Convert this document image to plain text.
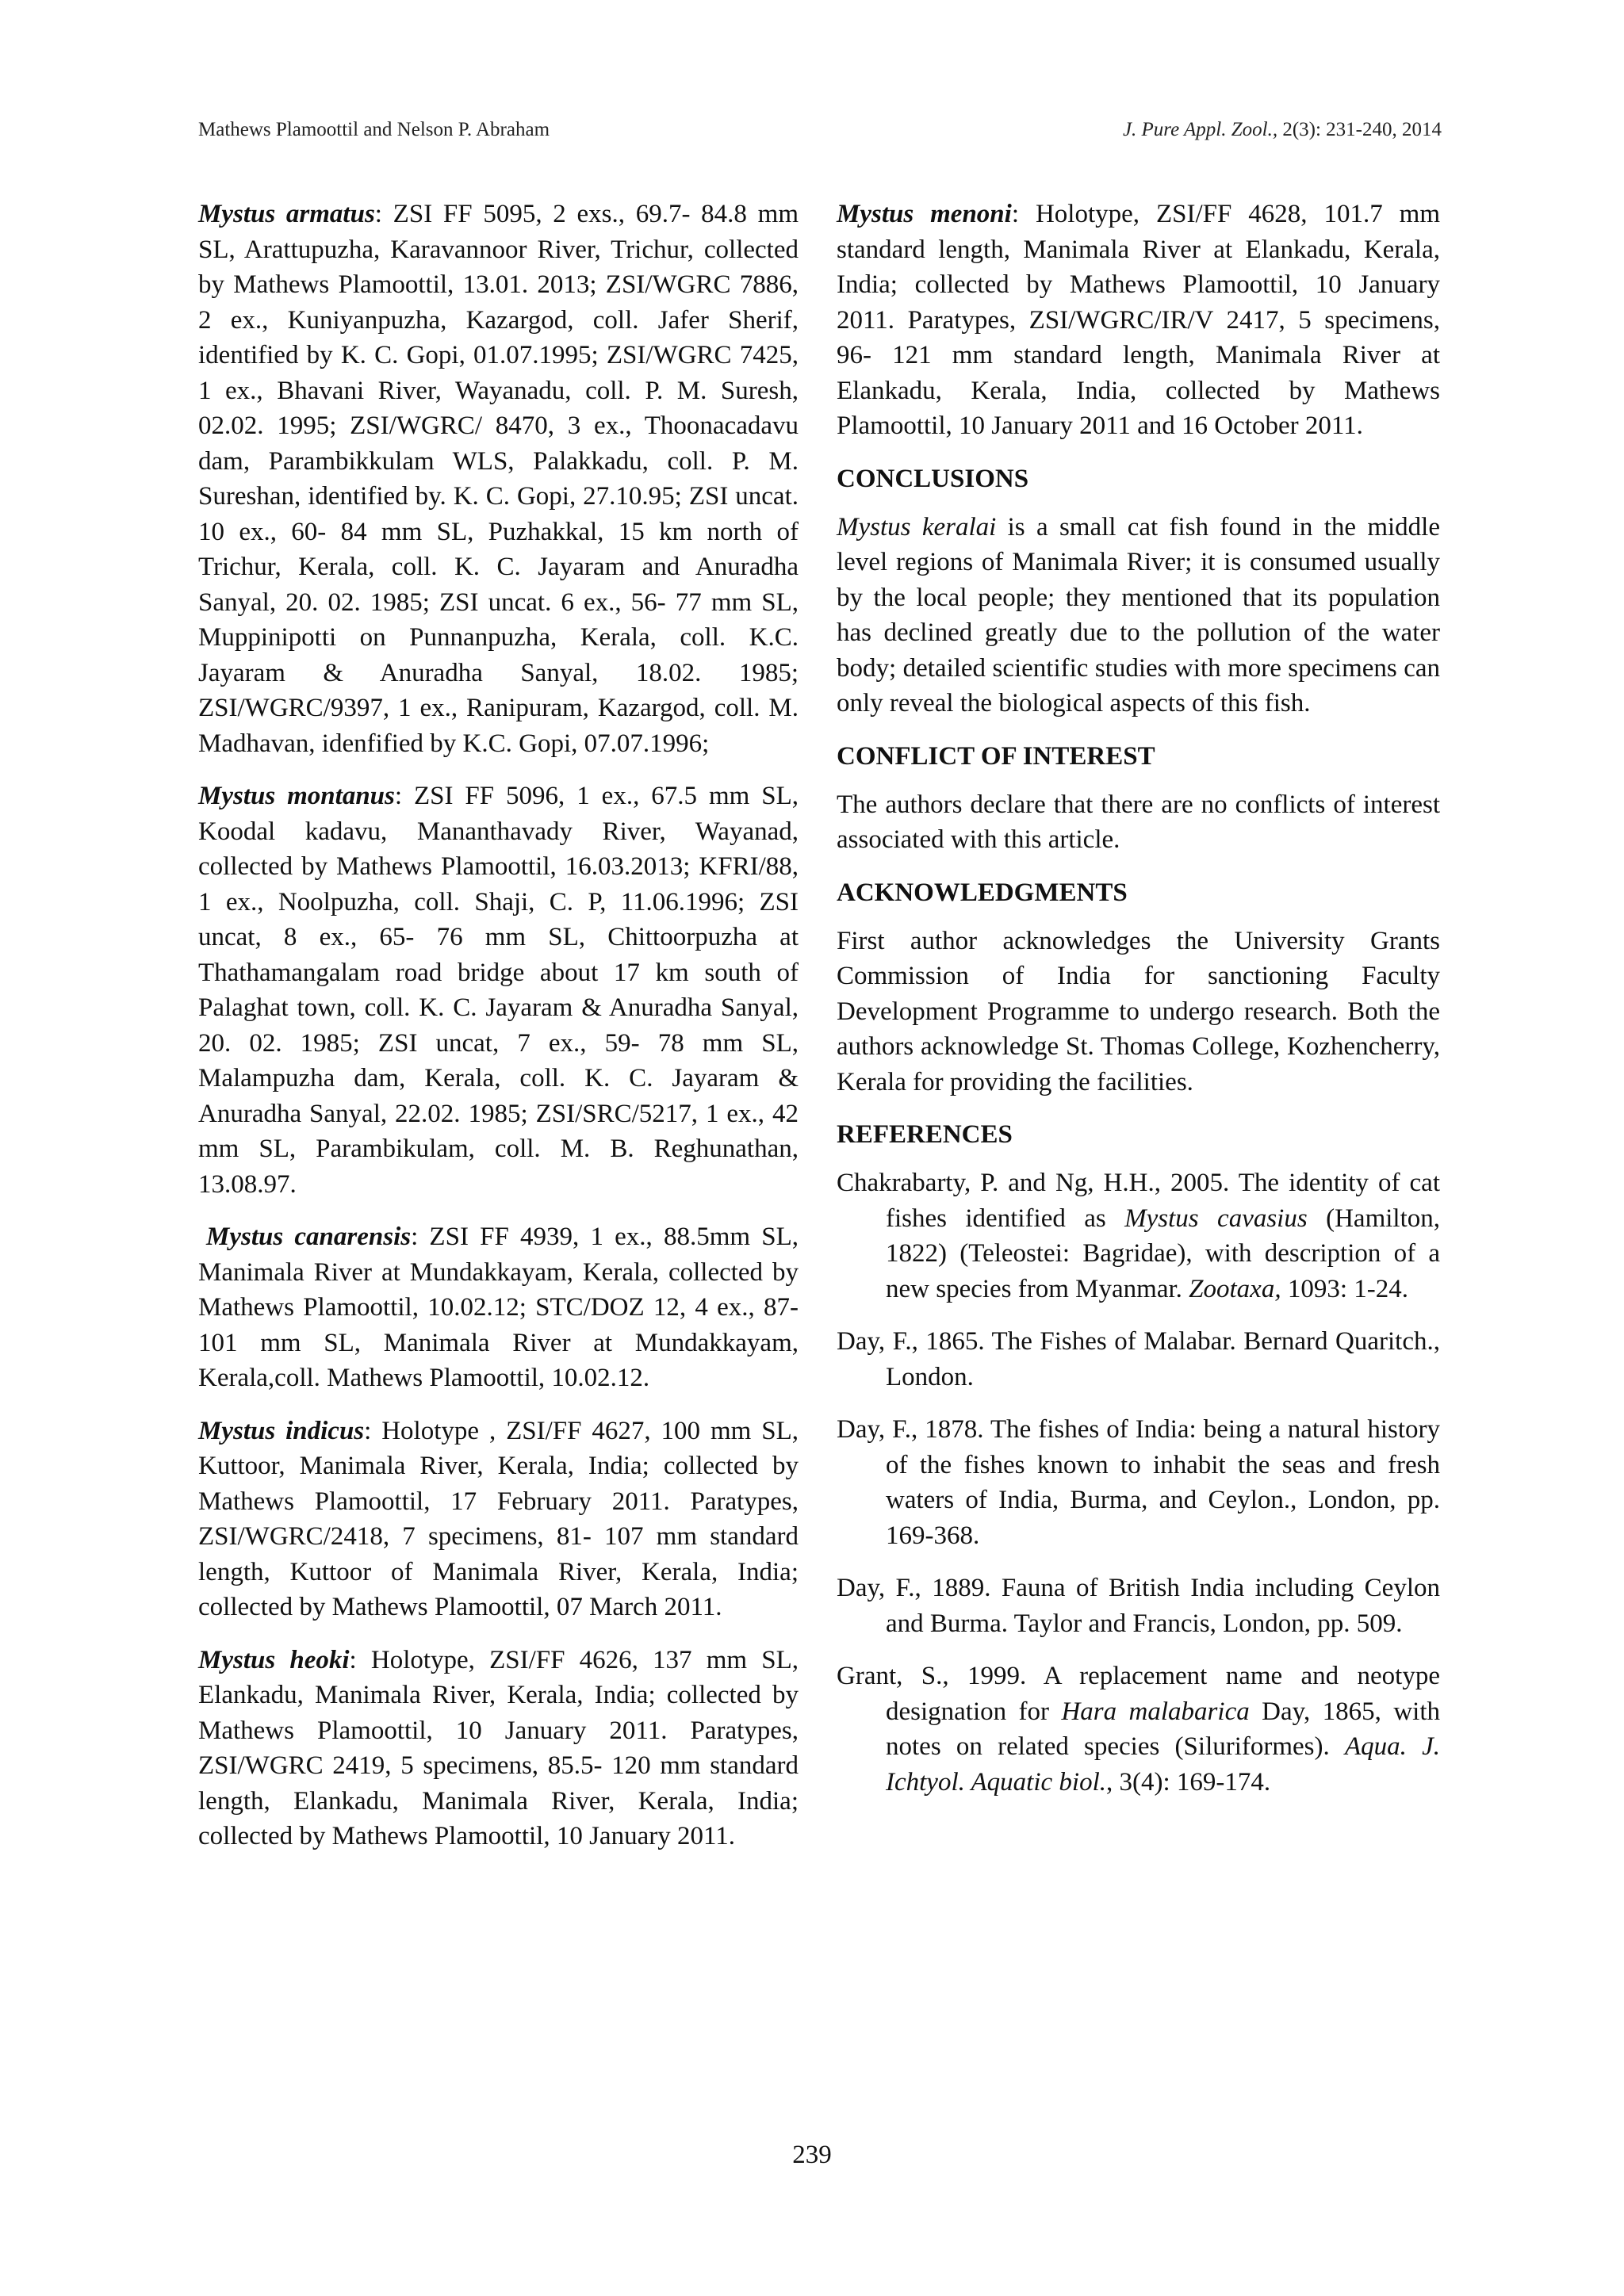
Mathews Plamoottil and Nelson P. Abraham	J. Pure Appl. Zool., 2(3): 231-240, 2014

Mystus armatus: ZSI FF 5095, 2 exs., 69.7- 84.8 mm SL, Arattupuzha, Karavannoor River, Trichur, collected by Mathews Plamoottil, 13.01. 2013; ZSI/WGRC 7886, 2 ex., Kuniyanpuzha, Kazargod, coll. Jafer Sherif, identified by K. C. Gopi, 01.07.1995; ZSI/WGRC 7425, 1 ex., Bhavani River, Wayanadu, coll. P. M. Suresh, 02.02. 1995; ZSI/WGRC/ 8470, 3 ex., Thoonacadavu dam, Parambikkulam WLS, Palakkadu, coll. P. M. Sureshan, identified by. K. C. Gopi, 27.10.95; ZSI uncat. 10 ex., 60- 84 mm SL, Puzhakkal, 15 km north of Trichur, Kerala, coll. K. C. Jayaram and Anuradha Sanyal, 20. 02. 1985; ZSI uncat. 6 ex., 56- 77 mm SL, Muppinipotti on Punnanpuzha, Kerala, coll. K.C. Jayaram & Anuradha Sanyal, 18.02. 1985; ZSI/WGRC/9397, 1 ex., Ranipuram, Kazargod, coll. M. Madhavan, idenfified by K.C. Gopi, 07.07.1996;

Mystus montanus: ZSI FF 5096, 1 ex., 67.5 mm SL, Koodal kadavu, Mananthavady River, Wayanad, collected by Mathews Plamoottil, 16.03.2013; KFRI/88, 1 ex., Noolpuzha, coll. Shaji, C. P, 11.06.1996; ZSI uncat, 8 ex., 65- 76 mm SL, Chittoorpuzha at Thathamangalam road bridge about 17 km south of Palaghat town, coll. K. C. Jayaram & Anuradha Sanyal, 20. 02. 1985; ZSI uncat, 7 ex., 59- 78 mm SL, Malampuzha dam, Kerala, coll. K. C. Jayaram & Anuradha Sanyal, 22.02. 1985; ZSI/SRC/5217, 1 ex., 42 mm SL, Parambikulam, coll. M. B. Reghunathan, 13.08.97.

Mystus canarensis: ZSI FF 4939, 1 ex., 88.5mm SL, Manimala River at Mundakkayam, Kerala, collected by Mathews Plamoottil, 10.02.12; STC/DOZ 12, 4 ex., 87-101 mm SL, Manimala River at Mundakkayam, Kerala,coll. Mathews Plamoottil, 10.02.12.

Mystus indicus: Holotype , ZSI/FF 4627, 100 mm SL, Kuttoor, Manimala River, Kerala, India; collected by Mathews Plamoottil, 17 February 2011. Paratypes, ZSI/WGRC/2418, 7 specimens, 81- 107 mm standard length, Kuttoor of Manimala River, Kerala, India; collected by Mathews Plamoottil, 07 March 2011.

Mystus heoki: Holotype, ZSI/FF 4626, 137 mm SL, Elankadu, Manimala River, Kerala, India; collected by Mathews Plamoottil, 10 January 2011. Paratypes, ZSI/WGRC 2419, 5 specimens, 85.5- 120 mm standard length, Elankadu, Manimala River, Kerala, India; collected by Mathews Plamoottil, 10 January 2011.

Mystus menoni: Holotype, ZSI/FF 4628, 101.7 mm standard length, Manimala River at Elankadu, Kerala, India; collected by Mathews Plamoottil, 10 January 2011. Paratypes, ZSI/WGRC/IR/V 2417, 5 specimens, 96- 121 mm standard length, Manimala River at Elankadu, Kerala, India, collected by Mathews Plamoottil, 10 January 2011 and 16 October 2011.

CONCLUSIONS

Mystus keralai is a small cat fish found in the middle level regions of Manimala River; it is consumed usually by the local people; they mentioned that its population has declined greatly due to the pollution of the water body; detailed scientific studies with more specimens can only reveal the biological aspects of this fish.

CONFLICT OF INTEREST

The authors declare that there are no conflicts of interest associated with this article.

ACKNOWLEDGMENTS

First author acknowledges the University Grants Commission of India for sanctioning Faculty Development Programme to undergo research. Both the authors acknowledge St. Thomas College, Kozhencherry, Kerala for providing the facilities.

REFERENCES
Chakrabarty, P. and Ng, H.H., 2005. The identity of cat fishes identified as Mystus cavasius (Hamilton, 1822) (Teleostei: Bagridae), with description of a new species from Myanmar. Zootaxa, 1093: 1-24.
Day, F., 1865. The Fishes of Malabar. Bernard Quaritch., London.
Day, F., 1878. The fishes of India: being a natural history of the fishes known to inhabit the seas and fresh waters of India, Burma, and Ceylon., London, pp. 169-368.
Day, F., 1889. Fauna of British India including Ceylon and Burma. Taylor and Francis, London, pp. 509.
Grant, S., 1999. A replacement name and neotype designation for Hara malabarica Day, 1865, with notes on related species (Siluriformes). Aqua. J. Ichtyol. Aquatic biol., 3(4): 169-174.
239
